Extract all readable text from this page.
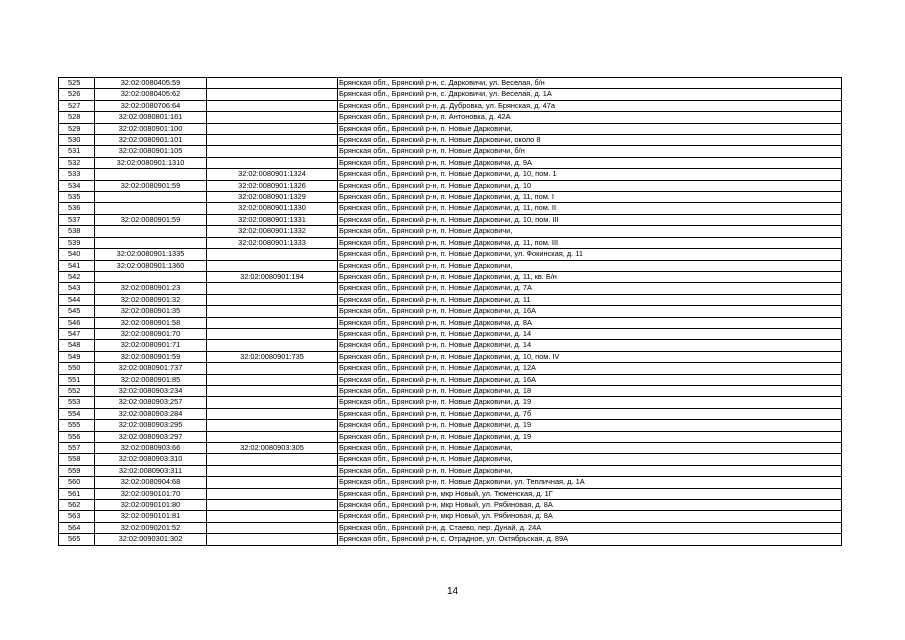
525	32:02:0080405:59		Брянская обл., Брянский р-н, с. Дарковичи, ул. Веселая, б/н
526	32:02:0080405:62		Брянская обл., Брянский р-н, с. Дарковичи, ул. Веселая, д. 1А
527	32:02:0080706:64		Брянская обл., Брянский р-н, д. Дубровка, ул. Брянская, д. 47а
528	32:02:0080801:161		Брянская обл., Брянский р-н, п. Антоновка, д. 42А
529	32:02:0080901:100		Брянская обл., Брянский р-н, п. Новые Дарковичи,
530	32:02:0080901:101		Брянская обл., Брянский р-н, п. Новые Дарковичи, около 8
531	32:02:0080901:105		Брянская обл., Брянский р-н, п. Новые Дарковичи, б/н
532	32:02:0080901:1310		Брянская обл., Брянский р-н, п. Новые Дарковичи, д. 9А
533		32:02:0080901:1324	Брянская обл., Брянский р-н, п. Новые Дарковичи, д. 10, пом. 1
534	32:02:0080901:59	32:02:0080901:1326	Брянская обл., Брянский р-н, п. Новые Дарковичи, д. 10
535		32:02:0080901:1329	Брянская обл., Брянский р-н, п. Новые Дарковичи, д. 11, пом. I
536		32:02:0080901:1330	Брянская обл., Брянский р-н, п. Новые Дарковичи, д. 11, пом. II
537	32:02:0080901:59	32:02:0080901:1331	Брянская обл., Брянский р-н, п. Новые Дарковичи, д. 10, пом. III
538		32:02:0080901:1332	Брянская обл., Брянский р-н, п. Новые Дарковичи,
539		32:02:0080901:1333	Брянская обл., Брянский р-н, п. Новые Дарковичи, д. 11, пом. III
540	32:02:0080901:1335		Брянская обл., Брянский р-н, п. Новые Дарковичи, ул. Фокинская, д. 11
541	32:02:0080901:1360		Брянская обл., Брянский р-н, п. Новые Дарковичи,
542		32:02:0080901:194	Брянская обл., Брянский р-н, п. Новые Дарковичи, д. 11, кв. Б/н
543	32:02:0080901:23		Брянская обл., Брянский р-н, п. Новые Дарковичи, д. 7А
544	32:02:0080901:32		Брянская обл., Брянский р-н, п. Новые Дарковичи, д. 11
545	32:02:0080901:35		Брянская обл., Брянский р-н, п. Новые Дарковичи, д. 16А
546	32:02:0080901:58		Брянская обл., Брянский р-н, п. Новые Дарковичи, д. 8А
547	32:02:0080901:70		Брянская обл., Брянский р-н, п. Новые Дарковичи, д. 14
548	32:02:0080901:71		Брянская обл., Брянский р-н, п. Новые Дарковичи, д. 14
549	32:02:0080901:59	32:02:0080901:735	Брянская обл., Брянский р-н, п. Новые Дарковичи, д. 10, пом. IV
550	32:02:0080901:737		Брянская обл., Брянский р-н, п. Новые Дарковичи, д. 12А
551	32:02:0080901:85		Брянская обл., Брянский р-н, п. Новые Дарковичи, д. 16А
552	32:02:0080903:234		Брянская обл., Брянский р-н, п. Новые Дарковичи, д. 18
553	32:02:0080903:257		Брянская обл., Брянский р-н, п. Новые Дарковичи, д. 19
554	32:02:0080903:284		Брянская обл., Брянский р-н, п. Новые Дарковичи, д. 7б
555	32:02:0080903:295		Брянская обл., Брянский р-н, п. Новые Дарковичи, д. 19
556	32:02:0080903:297		Брянская обл., Брянский р-н, п. Новые Дарковичи, д. 19
557	32:02:0080903:66	32:02:0080903:305	Брянская обл., Брянский р-н, п. Новые Дарковичи,
558	32:02:0080903:310		Брянская обл., Брянский р-н, п. Новые Дарковичи,
559	32:02:0080903:311		Брянская обл., Брянский р-н, п. Новые Дарковичи,
560	32:02:0080904:68		Брянская обл., Брянский р-н, п. Новые Дарковичи, ул. Тепличная, д. 1А
561	32:02:0090101:70		Брянская обл., Брянский р-н, мкр Новый, ул. Тюменская, д. 1Г
562	32:02:0090101:80		Брянская обл., Брянский р-н, мкр Новый, ул. Рябиновая, д. 8А
563	32:02:0090101:81		Брянская обл., Брянский р-н, мкр Новый, ул. Рябиновая, д. 8А
564	32:02:0090201:52		Брянская обл., Брянский р-н, д. Стаево, пер. Дунай, д. 24А
565	32:02:0090301:302		Брянская обл., Брянский р-н, с. Отрадное, ул. Октябрьская, д. 89А
14
